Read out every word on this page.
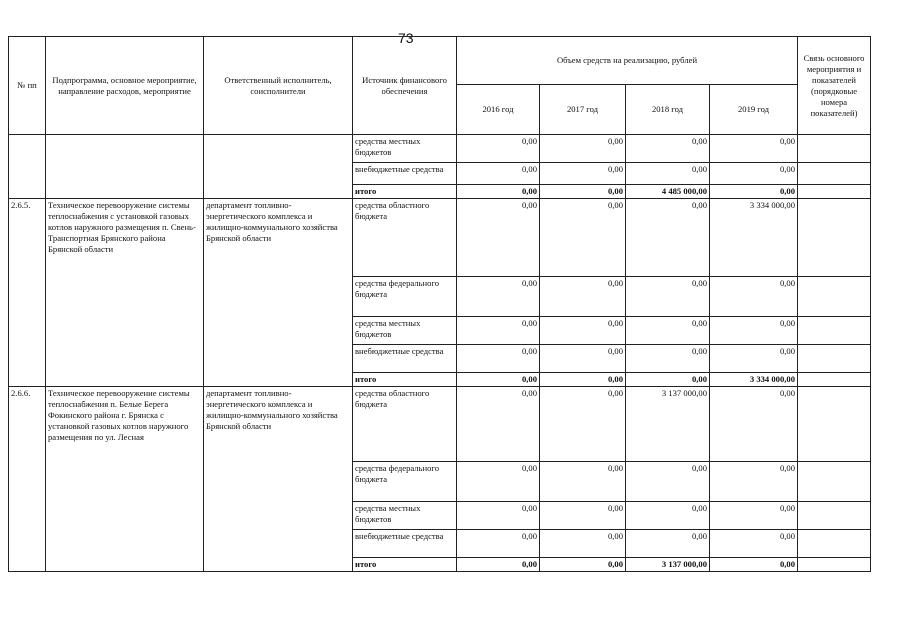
73
№ пп	Подпрограмма, основное мероприятие, направление расходов, мероприятие	Ответственный исполнитель, соисполнители	Источник финансового обеспечения	Объем средств на реализацию, рублей				Связь основного мероприятия и показателей (порядковые номера показателей)
				2016 год	2017 год	2018 год	2019 год	
			средства местных бюджетов	0,00	0,00	0,00	0,00	
			внебюджетные средства	0,00	0,00	0,00	0,00	
			итого	0,00	0,00	4 485 000,00	0,00	
2.6.5.	Техническое перевооружение системы теплоснабжения с установкой газовых котлов наружного размещения п. Свень-Транспортная Брянского района Брянской области	департамент топливно-энергетического комплекса и жилищно-коммунального хозяйства Брянской области	средства областного бюджета	0,00	0,00	0,00	3 334 000,00	
			средства федерального бюджета	0,00	0,00	0,00	0,00	
			средства местных бюджетов	0,00	0,00	0,00	0,00	
			внебюджетные средства	0,00	0,00	0,00	0,00	
			итого	0,00	0,00	0,00	3 334 000,00	
2.6.6.	Техническое перевооружение системы теплоснабжения п. Белые Берега Фокинского района г. Брянска с установкой газовых котлов наружного размещения по ул. Лесная	департамент топливно-энергетического комплекса и жилищно-коммунального хозяйства Брянской области	средства областного бюджета	0,00	0,00	3 137 000,00	0,00	
			средства федерального бюджета	0,00	0,00	0,00	0,00	
			средства местных бюджетов	0,00	0,00	0,00	0,00	
			внебюджетные средства	0,00	0,00	0,00	0,00	
			итого	0,00	0,00	3 137 000,00	0,00	
